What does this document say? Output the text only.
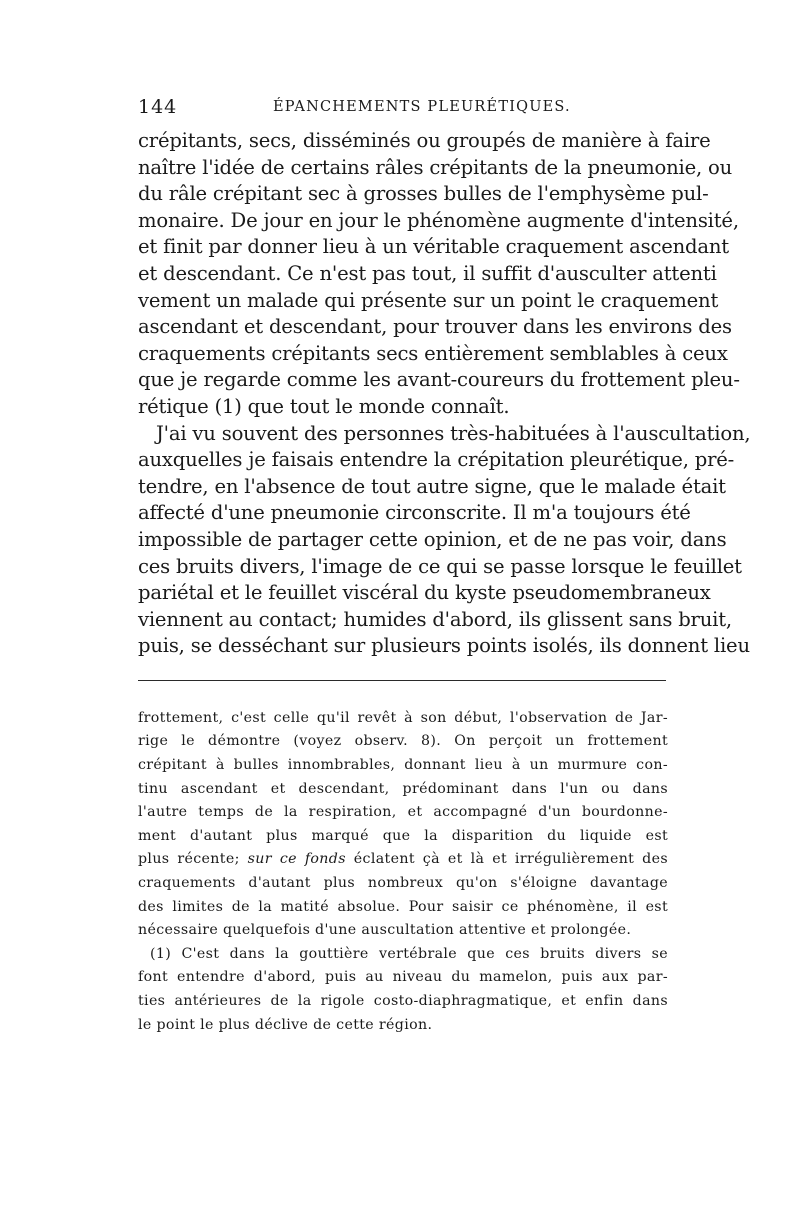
144	ÉPANCHEMENTS PLEURÉTIQUES.
crépitants, secs, disséminés ou groupés de manière à faire
naître l'idée de certains râles crépitants de la pneumonie, ou
du râle crépitant sec à grosses bulles de l'emphysème pul-
monaire. De jour en jour le phénomène augmente d'intensité,
et finit par donner lieu à un véritable craquement ascendant
et descendant. Ce n'est pas tout, il suffit d'ausculter attenti
vement un malade qui présente sur un point le craquement
ascendant et descendant, pour trouver dans les environs des
craquements crépitants secs entièrement semblables à ceux
que je regarde comme les avant-coureurs du frottement pleu-
rétique (1) que tout le monde connaît.
J'ai vu souvent des personnes très-habituées à l'auscultation,
auxquelles je faisais entendre la crépitation pleurétique, pré-
tendre, en l'absence de tout autre signe, que le malade était
affecté d'une pneumonie circonscrite. Il m'a toujours été
impossible de partager cette opinion, et de ne pas voir, dans
ces bruits divers, l'image de ce qui se passe lorsque le feuillet
pariétal et le feuillet viscéral du kyste pseudomembraneux
viennent au contact; humides d'abord, ils glissent sans bruit,
puis, se desséchant sur plusieurs points isolés, ils donnent lieu
frottement, c'est celle qu'il revêt à son début, l'observation de Jar-
rige le démontre (voyez observ. 8). On perçoit un frottement
crépitant à bulles innombrables, donnant lieu à un murmure con-
tinu ascendant et descendant, prédominant dans l'un ou dans
l'autre temps de la respiration, et accompagné d'un bourdonne-
ment d'autant plus marqué que la disparition du liquide est
plus récente; sur ce fonds éclatent çà et là et irrégulièrement des
craquements d'autant plus nombreux qu'on s'éloigne davantage
des limites de la matité absolue. Pour saisir ce phénomène, il est
nécessaire quelquefois d'une auscultation attentive et prolongée.
(1) C'est dans la gouttière vertébrale que ces bruits divers se
font entendre d'abord, puis au niveau du mamelon, puis aux par-
ties antérieures de la rigole costo-diaphragmatique, et enfin dans
le point le plus déclive de cette région.
